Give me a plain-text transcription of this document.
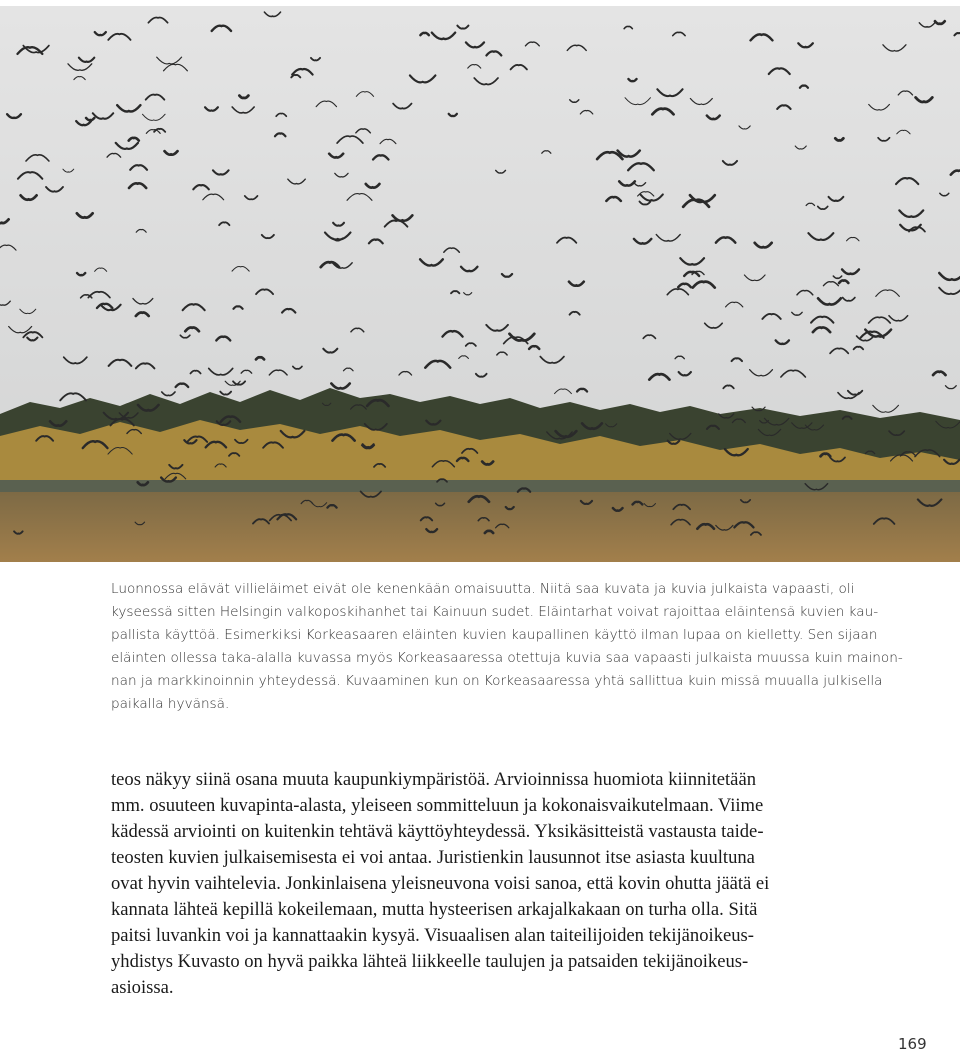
Luonnossa elävät villieläimet eivät ole kenenkään omaisuutta. Niitä saa kuvata ja kuvia julkaista vapaasti, oli
kyseessä sitten Helsingin valkoposkihanhet tai Kainuun sudet. Eläintarhat voivat rajoittaa eläintensä kuvien kau-
pallista käyttöä. Esimerkiksi Korkeasaaren eläinten kuvien kaupallinen käyttö ilman lupaa on kielletty. Sen sijaan
eläinten ollessa taka-alalla kuvassa myös Korkeasaaressa otettuja kuvia saa vapaasti julkaista muussa kuin mainon-
nan ja markkinoinnin yhteydessä. Kuvaaminen kun on Korkeasaaressa yhtä sallittua kuin missä muualla julkisella
paikalla hyvänsä.
teos näkyy siinä osana muuta kaupunkiympäristöä. Arvioinnissa huomiota kiinnitetään
mm. osuuteen kuvapinta-alasta, yleiseen sommitteluun ja kokonaisvaikutelmaan. Viime
kädessä arviointi on kuitenkin tehtävä käyttöyhteydessä. Yksikäsitteistä vastausta taide-
teosten kuvien julkaisemisesta ei voi antaa. Juristienkin lausunnot itse asiasta kuultuna
ovat hyvin vaihtelevia. Jonkinlaisena yleisneuvona voisi sanoa, että kovin ohutta jäätä ei
kannata lähteä kepillä kokeilemaan, mutta hysteerisen arkajalkakaan on turha olla. Sitä
paitsi luvankin voi ja kannattaakin kysyä. Visuaalisen alan taiteilijoiden tekijänoikeus-
yhdistys Kuvasto on hyvä paikka lähteä liikkeelle taulujen ja patsaiden tekijänoikeus-
asioissa.
169
